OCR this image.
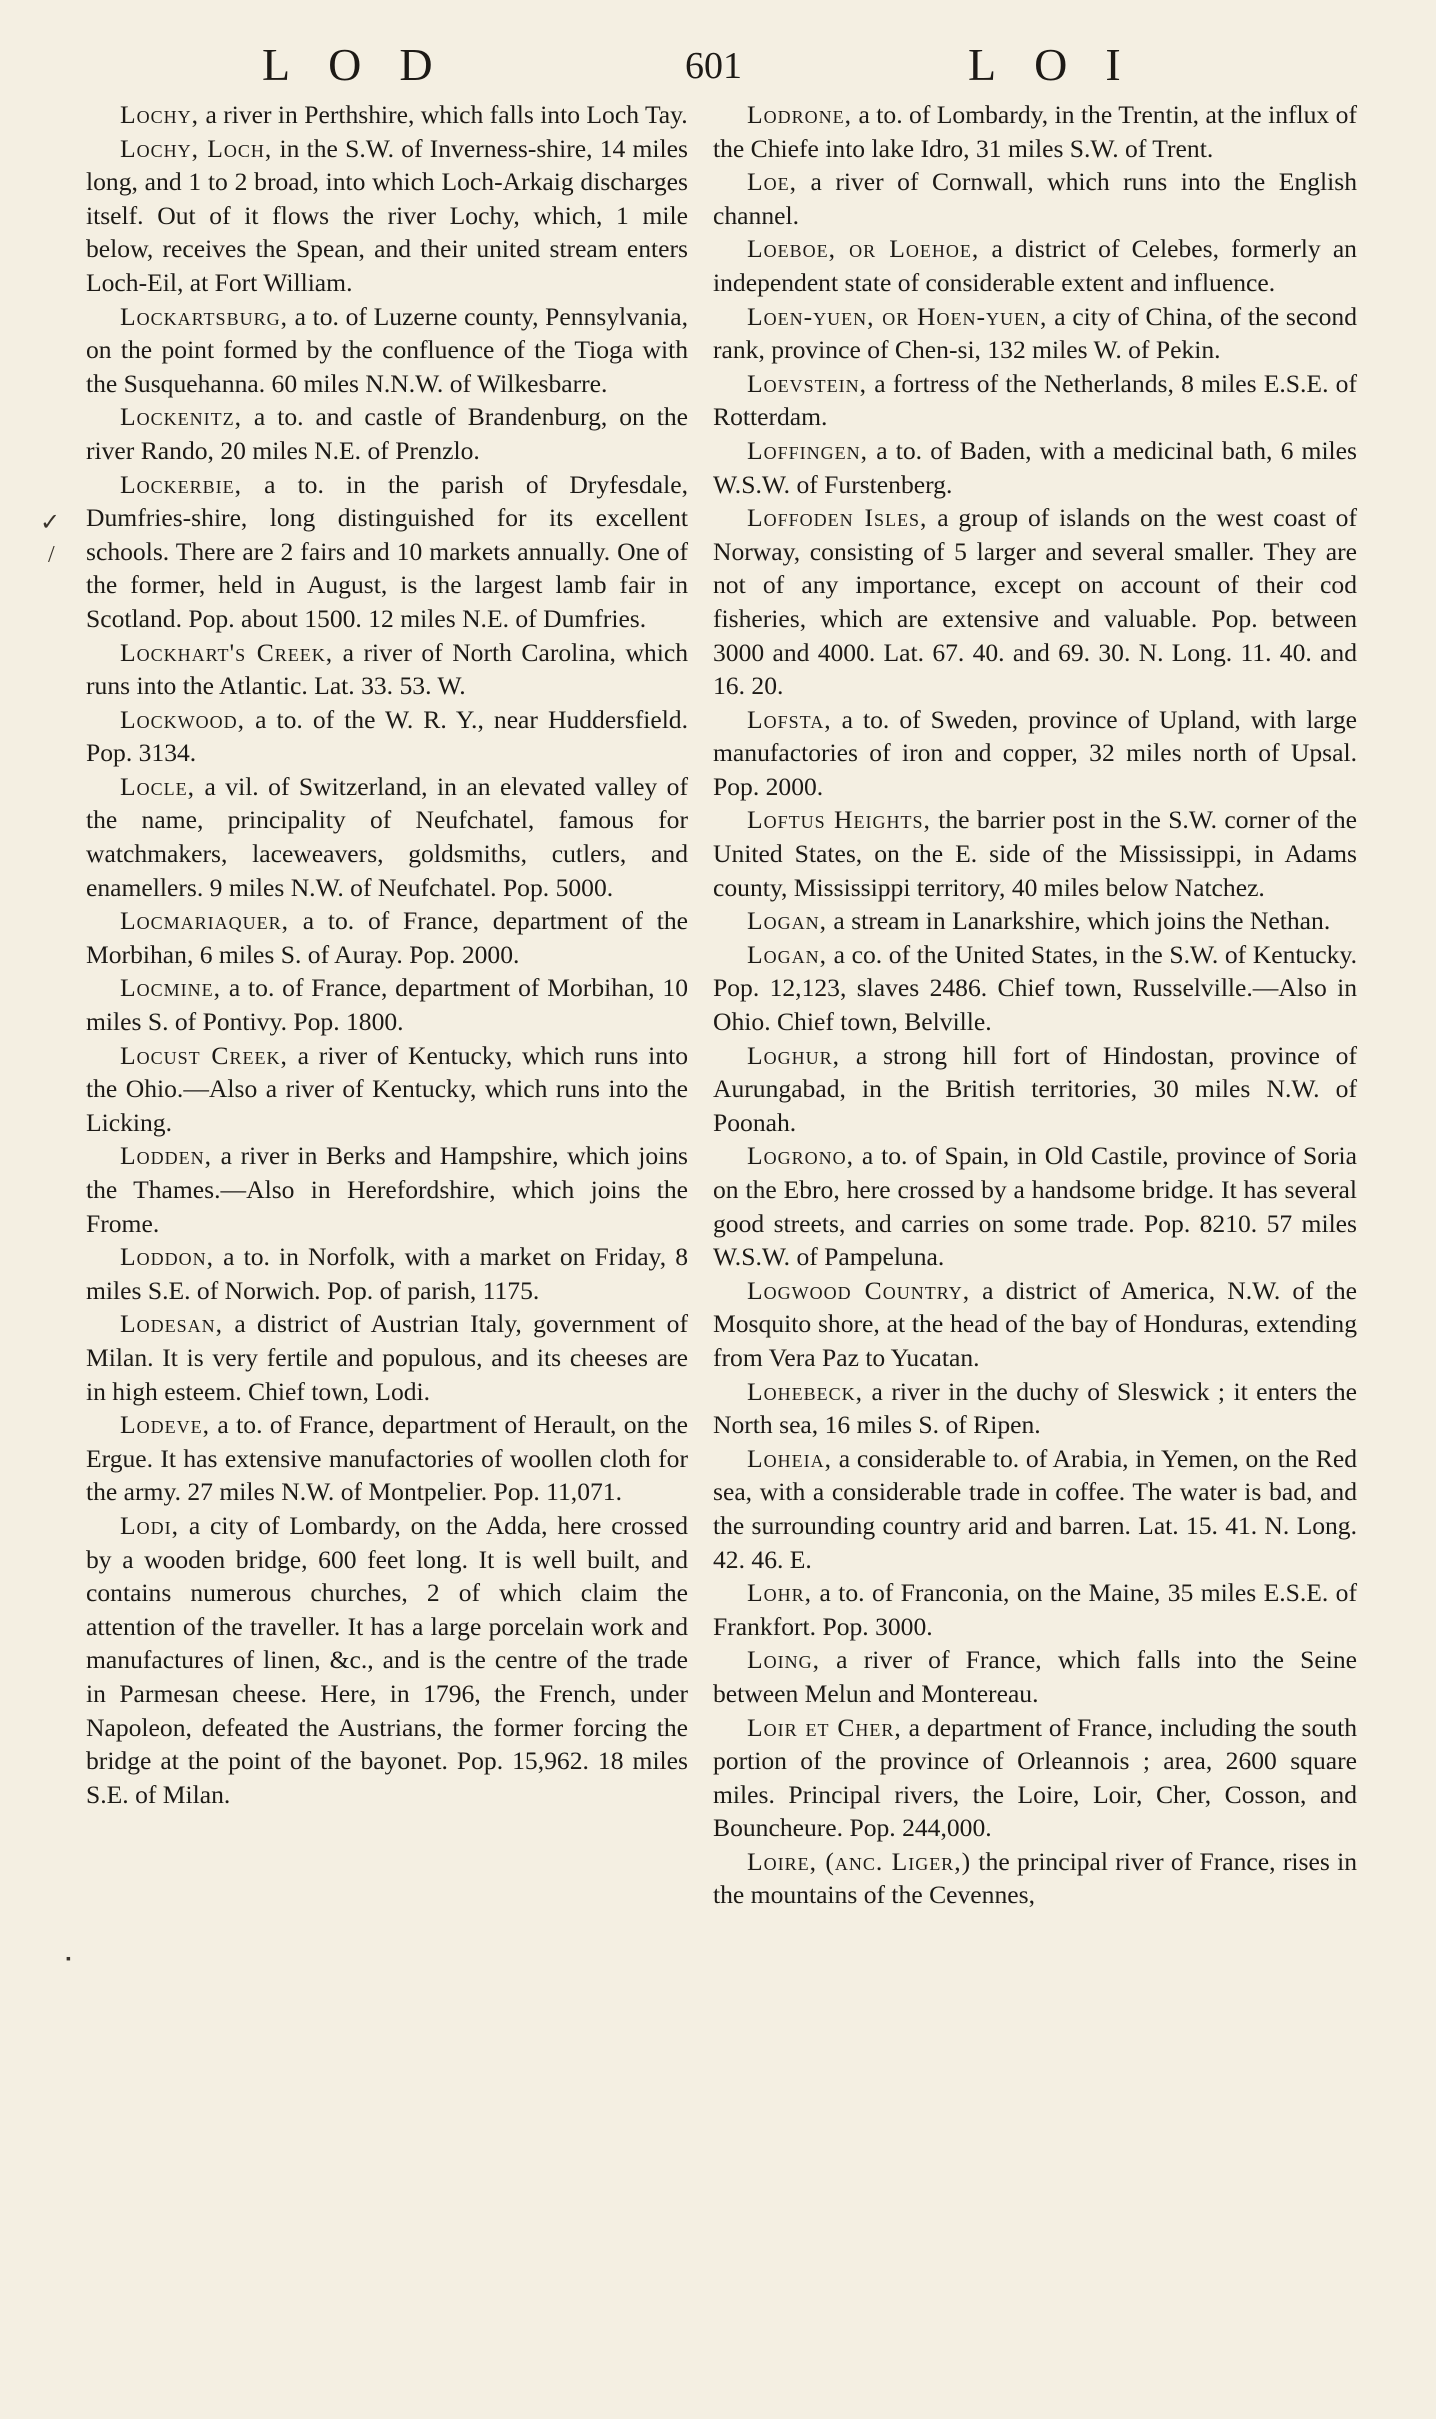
LOD	601	LOI

Lochy, a river in Perthshire, which falls into Loch Tay.

Lochy, Loch, in the S.W. of Inverness-shire, 14 miles long, and 1 to 2 broad, into which Loch-Arkaig discharges itself. Out of it flows the river Lochy, which, 1 mile below, receives the Spean, and their united stream enters Loch-Eil, at Fort William.

Lockartsburg, a to. of Luzerne county, Pennsylvania, on the point formed by the confluence of the Tioga with the Susquehanna. 60 miles N.N.W. of Wilkesbarre.

Lockenitz, a to. and castle of Brandenburg, on the river Rando, 20 miles N.E. of Prenzlo.

Lockerbie, a to. in the parish of Dryfesdale, Dumfries-shire, long distinguished for its excellent schools. There are 2 fairs and 10 markets annually. One of the former, held in August, is the largest lamb fair in Scotland. Pop. about 1500. 12 miles N.E. of Dumfries.

Lockhart's Creek, a river of North Carolina, which runs into the Atlantic. Lat. 33. 53. W.

Lockwood, a to. of the W. R. Y., near Huddersfield. Pop. 3134.

Locle, a vil. of Switzerland, in an elevated valley of the name, principality of Neufchatel, famous for watchmakers, laceweavers, goldsmiths, cutlers, and enamellers. 9 miles N.W. of Neufchatel. Pop. 5000.

Locmariaquer, a to. of France, department of the Morbihan, 6 miles S. of Auray. Pop. 2000.

Locmine, a to. of France, department of Morbihan, 10 miles S. of Pontivy. Pop. 1800.

Locust Creek, a river of Kentucky, which runs into the Ohio.—Also a river of Kentucky, which runs into the Licking.

Lodden, a river in Berks and Hampshire, which joins the Thames.—Also in Herefordshire, which joins the Frome.

Loddon, a to. in Norfolk, with a market on Friday, 8 miles S.E. of Norwich. Pop. of parish, 1175.

Lodesan, a district of Austrian Italy, government of Milan. It is very fertile and populous, and its cheeses are in high esteem. Chief town, Lodi.

Lodeve, a to. of France, department of Herault, on the Ergue. It has extensive manufactories of woollen cloth for the army. 27 miles N.W. of Montpelier. Pop. 11,071.

Lodi, a city of Lombardy, on the Adda, here crossed by a wooden bridge, 600 feet long. It is well built, and contains numerous churches, 2 of which claim the attention of the traveller. It has a large porcelain work and manufactures of linen, &c., and is the centre of the trade in Parmesan cheese. Here, in 1796, the French, under Napoleon, defeated the Austrians, the former forcing the bridge at the point of the bayonet. Pop. 15,962. 18 miles S.E. of Milan.

Lodrone, a to. of Lombardy, in the Trentin, at the influx of the Chiefe into lake Idro, 31 miles S.W. of Trent.

Loe, a river of Cornwall, which runs into the English channel.

Loeboe, or Loehoe, a district of Celebes, formerly an independent state of considerable extent and influence.

Loen-yuen, or Hoen-yuen, a city of China, of the second rank, province of Chen-si, 132 miles W. of Pekin.

Loevstein, a fortress of the Netherlands, 8 miles E.S.E. of Rotterdam.

Loffingen, a to. of Baden, with a medicinal bath, 6 miles W.S.W. of Furstenberg.

Loffoden Isles, a group of islands on the west coast of Norway, consisting of 5 larger and several smaller. They are not of any importance, except on account of their cod fisheries, which are extensive and valuable. Pop. between 3000 and 4000. Lat. 67. 40. and 69. 30. N. Long. 11. 40. and 16. 20.

Lofsta, a to. of Sweden, province of Upland, with large manufactories of iron and copper, 32 miles north of Upsal. Pop. 2000.

Loftus Heights, the barrier post in the S.W. corner of the United States, on the E. side of the Mississippi, in Adams county, Mississippi territory, 40 miles below Natchez.

Logan, a stream in Lanarkshire, which joins the Nethan.

Logan, a co. of the United States, in the S.W. of Kentucky. Pop. 12,123, slaves 2486. Chief town, Russelville.—Also in Ohio. Chief town, Belville.

Loghur, a strong hill fort of Hindostan, province of Aurungabad, in the British territories, 30 miles N.W. of Poonah.

Logrono, a to. of Spain, in Old Castile, province of Soria on the Ebro, here crossed by a handsome bridge. It has several good streets, and carries on some trade. Pop. 8210. 57 miles W.S.W. of Pampeluna.

Logwood Country, a district of America, N.W. of the Mosquito shore, at the head of the bay of Honduras, extending from Vera Paz to Yucatan.

Lohebeck, a river in the duchy of Sleswick ; it enters the North sea, 16 miles S. of Ripen.

Loheia, a considerable to. of Arabia, in Yemen, on the Red sea, with a considerable trade in coffee. The water is bad, and the surrounding country arid and barren. Lat. 15. 41. N. Long. 42. 46. E.

Lohr, a to. of Franconia, on the Maine, 35 miles E.S.E. of Frankfort. Pop. 3000.

Loing, a river of France, which falls into the Seine between Melun and Montereau.

Loir et Cher, a department of France, including the south portion of the province of Orleannois ; area, 2600 square miles. Principal rivers, the Loire, Loir, Cher, Cosson, and Bouncheure. Pop. 244,000.

Loire, (anc. Liger,) the principal river of France, rises in the mountains of the Cevennes,

✓
/
▪
